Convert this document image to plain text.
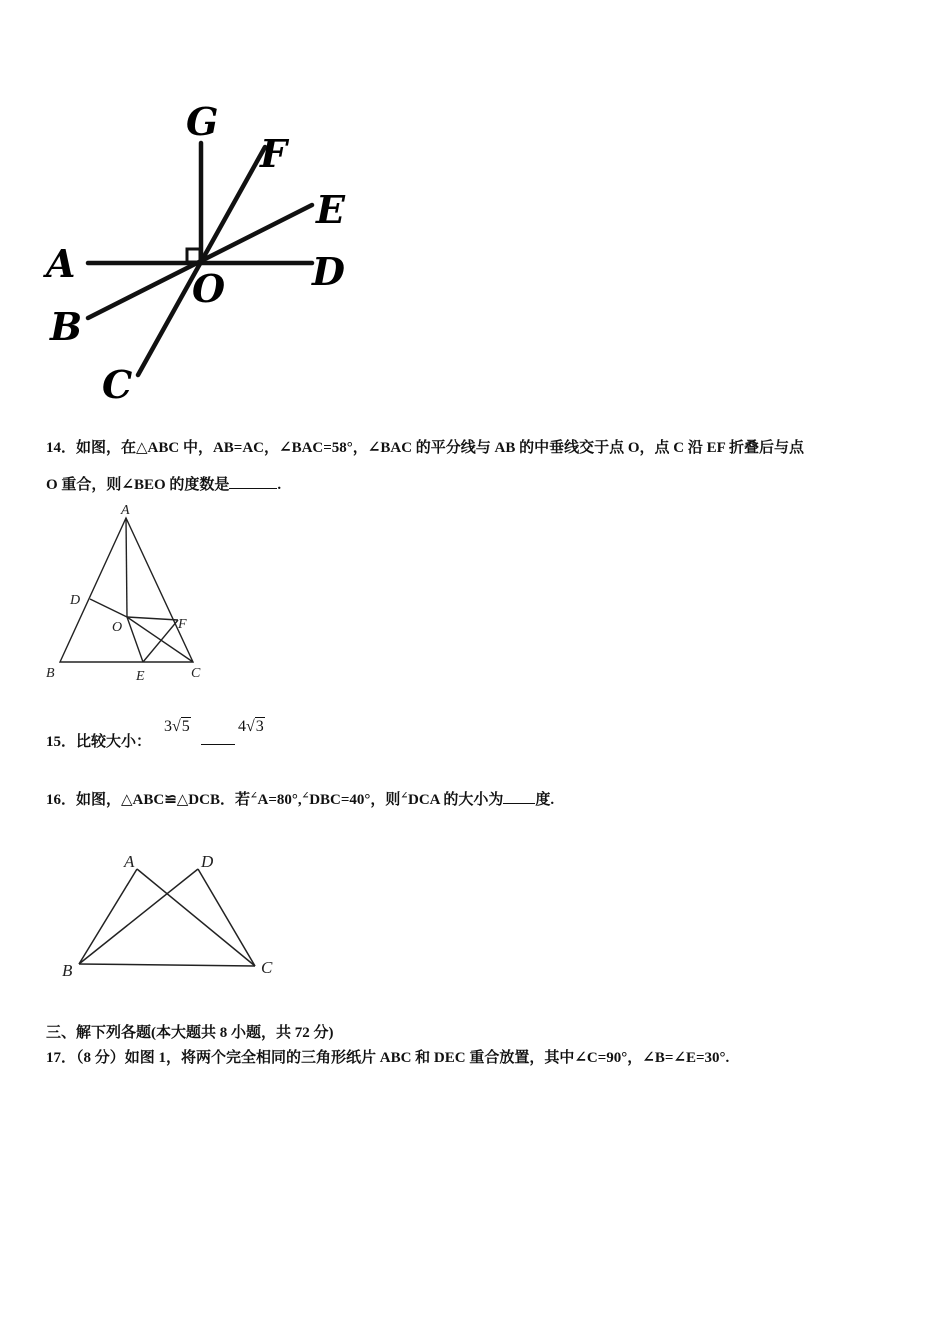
G
F
E
A	D
O
B
C
14．如图，在△ABC 中，AB=AC，∠BAC=58°，∠BAC 的平分线与 AB 的中垂线交于点 O，点 C 沿 EF 折叠后与点
O 重合，则∠BEO 的度数是	.
A
D
O	F
B	E	C
15．比较大小：
3√5	4√3
16．如图，△ABC≌△DCB．若∠A=80°,∠DBC=40°，则∠DCA 的大小为 度.
A	D
B	C
三、解下列各题(本大题共 8 小题，共 72 分)
17．（8 分）如图 1，将两个完全相同的三角形纸片 ABC 和 DEC 重合放置，其中∠C=90°，∠B=∠E=30°.
